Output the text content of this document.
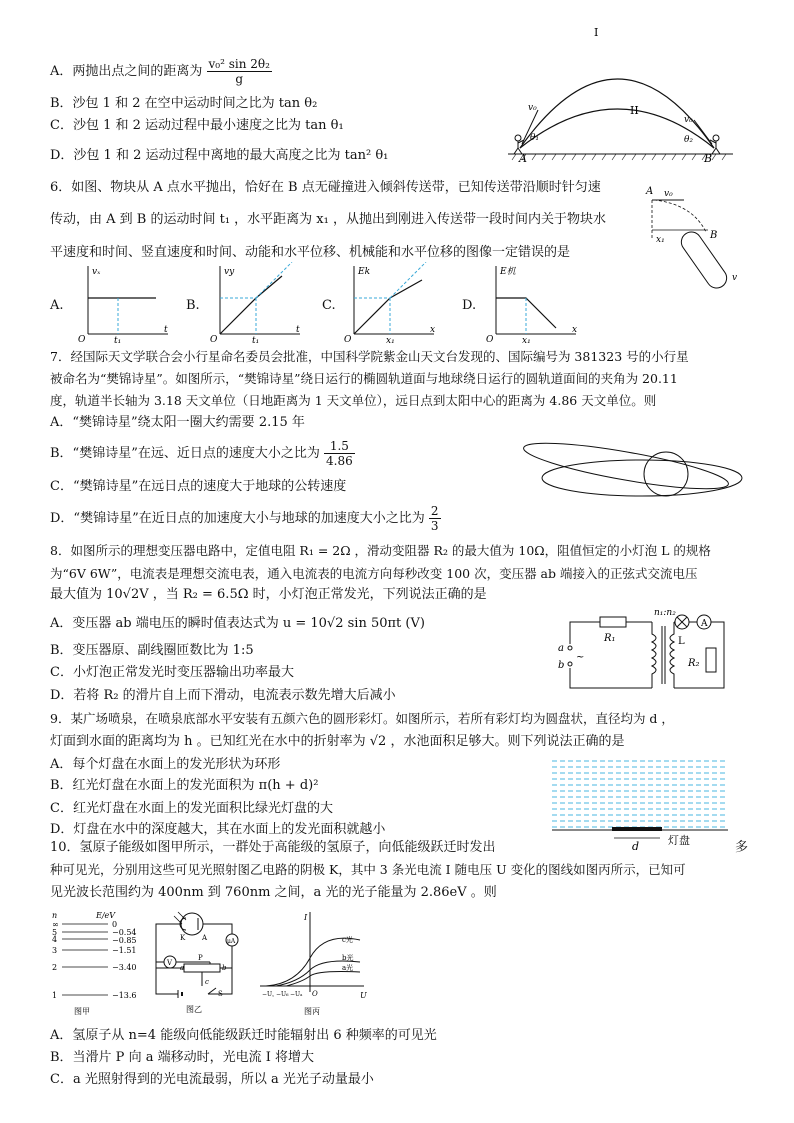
A．两抛出点之间的距离为 $\frac{\text{v₀² sin 2θ₂}}{g}$
B．沙包 1 和 2 在空中运动时间之比为 tan θ₂
C．沙包 1 和 2 运动过程中最小速度之比为 tan θ₁
D．沙包 1 和 2 运动过程中离地的最大高度之比为 tan² θ₁
I
II
A	B
v₀
v₀
θ₁	θ₂
6．如图、物块从 A 点水平抛出，恰好在 B 点无碰撞进入倾斜传送带，已知传送带沿顺时针匀速
传动，由 A 到 B 的运动时间 t₁ ，水平距离为 x₁ ，从抛出到刚进入传送带一段时间内关于物块水
平速度和时间、竖直速度和时间、动能和水平位移、机械能和水平位移的图像一定错误的是
A v₀
x₁	B
v
A.
vₓ
t
O	t₁
B.
vy
t
O	t₁
C.
Ek
x
O	x₁
D.
E机
x
O	x₁
7．经国际天文学联合会小行星命名委员会批准，中国科学院紫金山天文台发现的、国际编号为 381323 号的小行星
被命名为“樊锦诗星”。如图所示，“樊锦诗星”绕日运行的椭圆轨道面与地球绕日运行的圆轨道面间的夹角为 20.11
度，轨道半长轴为 3.18 天文单位（日地距离为 1 天文单位），远日点到太阳中心的距离为 4.86 天文单位。则
A．“樊锦诗星”绕太阳一圈大约需要 2.15 年
B．“樊锦诗星”在远、近日点的速度大小之比为 $\frac{1.5}{4.86}$
C．“樊锦诗星”在远日点的速度大于地球的公转速度
D．“樊锦诗星”在近日点的加速度大小与地球的加速度大小之比为 $\frac{2}{3}$
8．如图所示的理想变压器电路中，定值电阻 R₁ = 2Ω ，滑动变阻器 R₂ 的最大值为 10Ω，阻值恒定的小灯泡 L 的规格
为“6V 6W”，电流表是理想交流电表，通入电流表的电流方向每秒改变 100 次，变压器 ab 端接入的正弦式交流电压
最大值为 10√2V ，当 R₂ = 6.5Ω 时，小灯泡正常发光，下列说法正确的是
A．变压器 ab 端电压的瞬时值表达式为 u = 10√2 sin 50πt (V)
B．变压器原、副线圈匝数比为 1:5
C．小灯泡正常发光时变压器输出功率最大
D．若将 R₂ 的滑片自上而下滑动，电流表示数先增大后减小
a
b
~
R₁
n₁:n₂
L
A
R₂
9．某广场喷泉，在喷泉底部水平安装有五颜六色的圆形彩灯。如图所示，若所有彩灯均为圆盘状，直径均为 d ，
灯面到水面的距离均为 h 。已知红光在水中的折射率为 √2 ，水池面积足够大。则下列说法正确的是
A．每个灯盘在水面上的发光形状为环形
B．红光灯盘在水面上的发光面积为 π(h + d)²
C．红光灯盘在水面上的发光面积比绿光灯盘的大
D．灯盘在水中的深度越大，其在水面上的发光面积就越小
d	灯盘
10．氢原子能级如图甲所示，一群处于高能级的氢原子，向低能级跃迁时发出	多
种可见光，分别用这些可见光照射图乙电路的阴极 K，其中 3 条光电流 I 随电压 U 变化的图线如图丙所示，已知可
见光波长范围约为 400nm 到 760nm 之间，a 光的光子能量为 2.86eV 。则
n	E/eV
∞	0
5	−0.54
4	−0.85
3	−1.51
2	−3.40
1	−13.6
图甲
K A
V
μA
P
a	b
c
S
图乙
I
U
O
c光
b光
a光
−U꜀ −U₆ −Uₐ
图丙
A．氢原子从 n=4 能级向低能级跃迁时能辐射出 6 种频率的可见光
B．当滑片 P 向 a 端移动时，光电流 I 将增大
C．a 光照射得到的光电流最弱，所以 a 光光子动量最小
